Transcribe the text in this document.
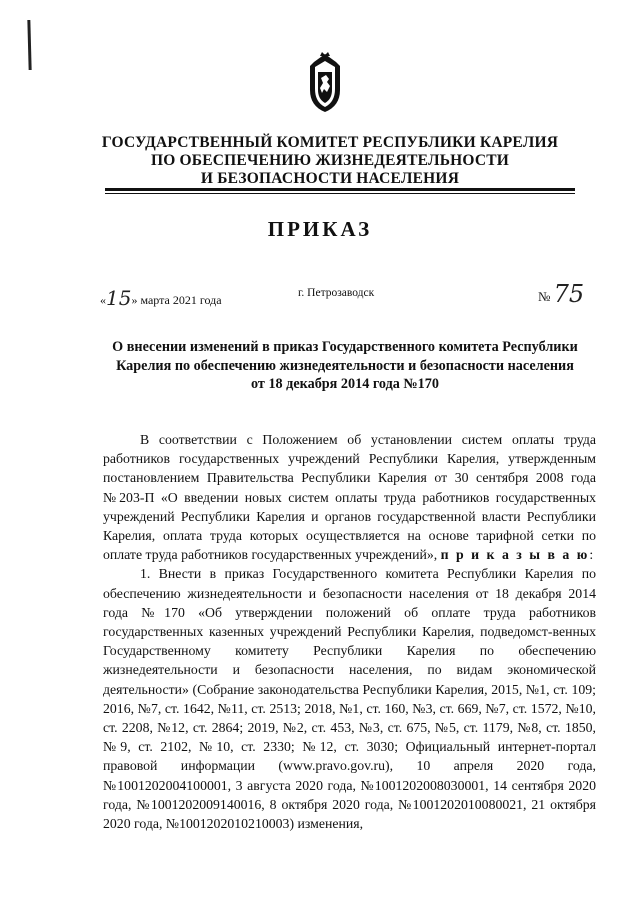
ГОСУДАРСТВЕННЫЙ КОМИТЕТ РЕСПУБЛИКИ КАРЕЛИЯ
ПО ОБЕСПЕЧЕНИЮ ЖИЗНЕДЕЯТЕЛЬНОСТИ
И БЕЗОПАСНОСТИ НАСЕЛЕНИЯ
ПРИКАЗ
«15» марта 2021 года	г. Петрозаводск	№ 75
О внесении изменений в приказ Государственного комитета Республики
Карелия по обеспечению жизнедеятельности и безопасности населения
от 18 декабря 2014 года №170

В соответствии с Положением об установлении систем оплаты труда работников государственных учреждений Республики Карелия, утвержденным постановлением Правительства Республики Карелия от 30 сентября 2008 года №203-П «О введении новых систем оплаты труда работников государственных учреждений Республики Карелия и органов государственной власти Республики Карелия, оплата труда которых осуществляется на основе тарифной сетки по оплате труда работников государственных учреждений», п р и к а з ы в а ю:

1. Внести в приказ Государственного комитета Республики Карелия по обеспечению жизнедеятельности и безопасности населения от 18 декабря 2014 года №170 «Об утверждении положений об оплате труда работников государственных казенных учреждений Республики Карелия, подведомст-венных Государственному комитету Республики Карелия по обеспечению жизнедеятельности и безопасности населения, по видам экономической деятельности» (Собрание законодательства Республики Карелия, 2015, №1, ст. 109; 2016, №7, ст. 1642, №11, ст. 2513; 2018, №1, ст. 160, №3, ст. 669, №7, ст. 1572, №10, ст. 2208, №12, ст. 2864; 2019, №2, ст. 453, №3, ст. 675, №5, ст. 1179, №8, ст. 1850, №9, ст. 2102, №10, ст. 2330; №12, ст. 3030; Официальный интернет-портал правовой информации (www.pravo.gov.ru), 10 апреля 2020 года, №1001202004100001, 3 августа 2020 года, №1001202008030001, 14 сентября 2020 года, №1001202009140016, 8 октября 2020 года, №1001202010080021, 21 октября 2020 года, №1001202010210003) изменения,
